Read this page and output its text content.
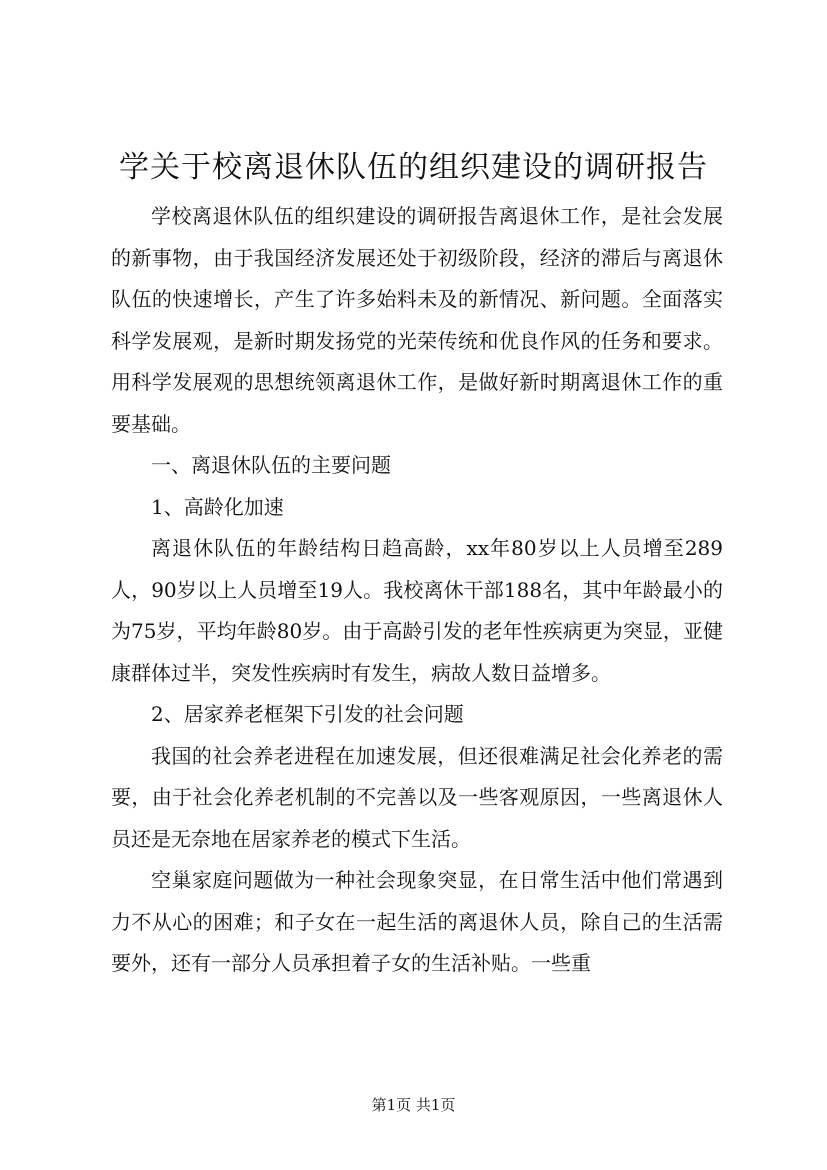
学关于校离退休队伍的组织建设的调研报告

学校离退休队伍的组织建设的调研报告离退休工作，是社会发展的新事物，由于我国经济发展还处于初级阶段，经济的滞后与离退休队伍的快速增长，产生了许多始料未及的新情况、新问题。全面落实科学发展观，是新时期发扬党的光荣传统和优良作风的任务和要求。用科学发展观的思想统领离退休工作，是做好新时期离退休工作的重要基础。

一、离退休队伍的主要问题

1、高龄化加速

离退休队伍的年龄结构日趋高龄，xx年80岁以上人员增至289人，90岁以上人员增至19人。我校离休干部188名，其中年龄最小的为75岁，平均年龄80岁。由于高龄引发的老年性疾病更为突显，亚健康群体过半，突发性疾病时有发生，病故人数日益增多。

2、居家养老框架下引发的社会问题

我国的社会养老进程在加速发展，但还很难满足社会化养老的需要，由于社会化养老机制的不完善以及一些客观原因，一些离退休人员还是无奈地在居家养老的模式下生活。

空巢家庭问题做为一种社会现象突显，在日常生活中他们常遇到力不从心的困难；和子女在一起生活的离退休人员，除自己的生活需要外，还有一部分人员承担着子女的生活补贴。一些重

第1页 共1页
